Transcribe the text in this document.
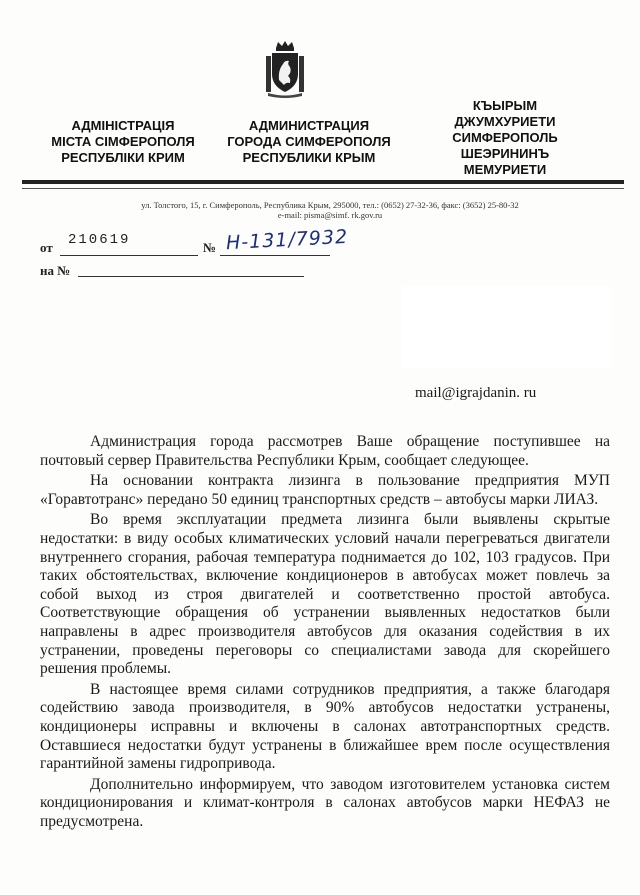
АДМІНІСТРАЦІЯ
МІСТА СІМФЕРОПОЛЯ
РЕСПУБЛІКИ КРИМ
АДМИНИСТРАЦИЯ
ГОРОДА СИМФЕРОПОЛЯ
РЕСПУБЛИКИ КРЫМ
КЪЫРЫМ
ДЖУМХУРИЕТИ
СИМФЕРОПОЛЬ
ШЕЭРИНИНЪ
МЕМУРИЕТИ
ул. Толстого, 15, г. Симферополь, Республика Крым, 295000, тел.: (0652) 27-32-36, факс: (3652) 25-80-32
e-mail: pisma@simf. rk.gov.ru
от 210619	№ Н-131/7932
на №
mail@igrajdanin. ru

Администрация города рассмотрев Ваше обращение поступившее на почтовый сервер Правительства Республики Крым, сообщает следующее.

На основании контракта лизинга в пользование предприятия МУП «Горавтотранс» передано 50 единиц транспортных средств – автобусы марки ЛИАЗ.

Во время эксплуатации предмета лизинга были выявлены скрытые недостатки: в виду особых климатических условий начали перегреваться двигатели внутреннего сгорания, рабочая температура поднимается до 102, 103 градусов. При таких обстоятельствах, включение кондиционеров в автобусах может повлечь за собой выход из строя двигателей и соответственно простой автобуса. Соответствующие обращения об устранении выявленных недостатков были направлены в адрес производителя автобусов для оказания содействия в их устранении, проведены переговоры со специалистами завода для скорейшего решения проблемы.

В настоящее время силами сотрудников предприятия, а также благодаря содействию завода производителя, в 90% автобусов недостатки устранены, кондиционеры исправны и включены в салонах автотранспортных средств. Оставшиеся недостатки будут устранены в ближайшее врем после осуществления гарантийной замены гидропривода.

Дополнительно информируем, что заводом изготовителем установка систем кондиционирования и климат-контроля в салонах автобусов марки НЕФАЗ не предусмотрена.
